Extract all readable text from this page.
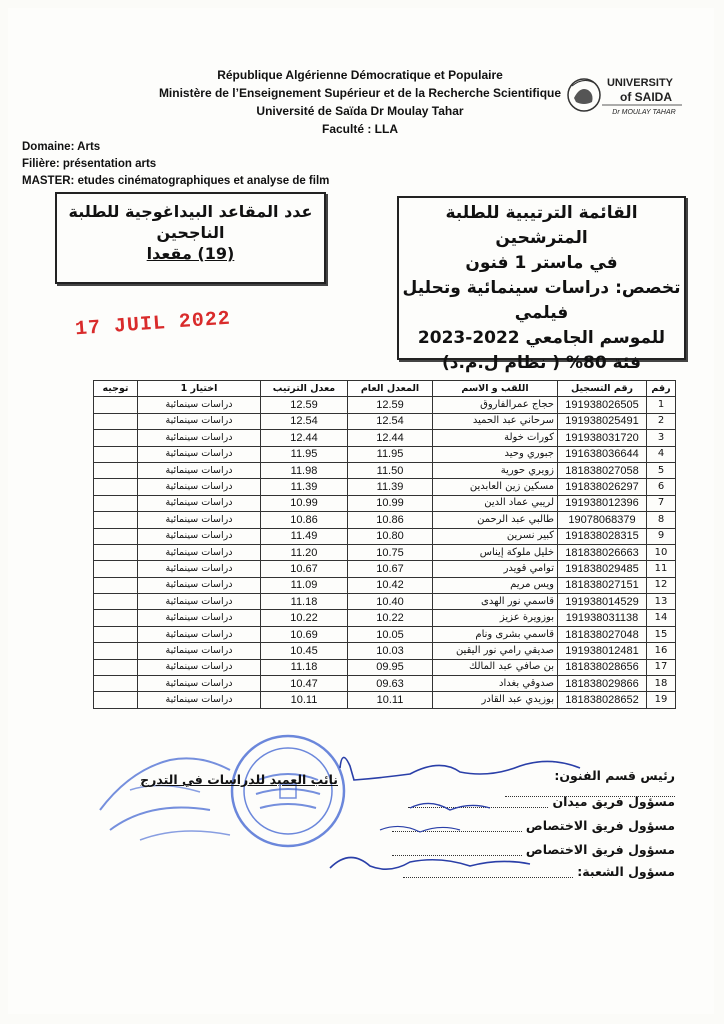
République Algérienne Démocratique et Populaire
Ministère de l’Enseignement Supérieur et de la Recherche Scientifique
Université de Saïda Dr Moulay Tahar
Faculté : LLA
UNIVERSITY
of SAIDA
Dr MOULAY TAHAR
Domaine: Arts
Filière: présentation arts
MASTER: etudes cinématographiques et analyse de film
عدد المقاعد البيداغوجية للطلبة
الناجحين
(19) مقعدا
القائمة الترتيبية للطلبة المترشحين
في ماستر 1 فنون
تخصص: دراسات سينمائية وتحليل
فيلمي
للموسم الجامعي 2022-2023
فئة 80% ( نظام ل.م.د)
17 JUIL 2022
رقم	رقم التسجيل	اللقب و الاسم	المعدل العام	معدل الترتيب	اختيار 1	توجيه
1	191938026505	حجاج عمرالفاروق	12.59	12.59	دراسات سينمائية	
2	191938025491	سرحاني عبد الحميد	12.54	12.54	دراسات سينمائية	
3	191938031720	كورات خولة	12.44	12.44	دراسات سينمائية	
4	191638036644	جبوري وحيد	11.95	11.95	دراسات سينمائية	
5	181838027058	زويري حورية	11.50	11.98	دراسات سينمائية	
6	191838026297	مسكين زين العابدين	11.39	11.39	دراسات سينمائية	
7	191938012396	لريبي عماد الدين	10.99	10.99	دراسات سينمائية	
8	19078068379	طالبي عبد الرحمن	10.86	10.86	دراسات سينمائية	
9	191838028315	كبير نسرين	10.80	11.49	دراسات سينمائية	
10	181838026663	خليل ملوكة إيناس	10.75	11.20	دراسات سينمائية	
11	191838029485	توامي قويدر	10.67	10.67	دراسات سينمائية	
12	181838027151	ويس مريم	10.42	11.09	دراسات سينمائية	
13	191938014529	قاسمي نور الهدى	10.40	11.18	دراسات سينمائية	
14	191938031138	بوزويرة عزيز	10.22	10.22	دراسات سينمائية	
15	181838027048	قاسمي بشرى ونام	10.05	10.69	دراسات سينمائية	
16	191938012481	صديقي رامي نور اليقين	10.03	10.45	دراسات سينمائية	
17	181838028656	بن صافي عبد المالك	09.95	11.18	دراسات سينمائية	
18	181838029866	صدوقي بغداد	09.63	10.47	دراسات سينمائية	
19	181838028652	بوزيدي عبد القادر	10.11	10.11	دراسات سينمائية	
رئيس قسم الفنون:
مسؤول فريق ميدان
مسؤول فريق الاختصاص
مسؤول فريق الاختصاص
مسؤول الشعبة:
نائب العميد للدراسات في التدرج
